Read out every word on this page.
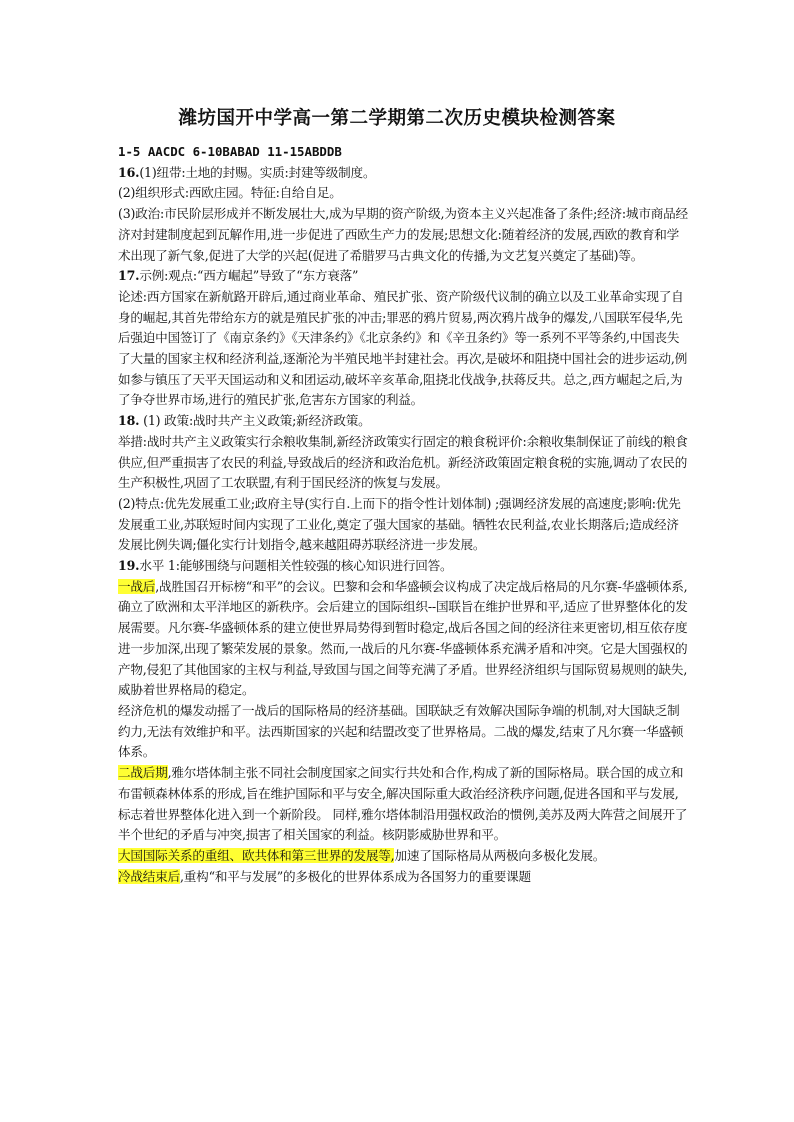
潍坊国开中学高一第二学期第二次历史模块检测答案

1-5 AACDC 6-10BABAD 11-15ABDDB

16.(1)纽带:土地的封赐。实质:封建等级制度。

(2)组织形式:西欧庄园。特征:自给自足。

(3)政治:市民阶层形成并不断发展壮大,成为早期的资产阶级,为资本主义兴起准备了条件;经济:城市商品经济对封建制度起到瓦解作用,进一步促进了西欧生产力的发展;思想文化:随着经济的发展,西欧的教育和学术出现了新气象,促进了大学的兴起(促进了希腊罗马古典文化的传播,为文艺复兴奠定了基础)等。

17.示例:观点:“西方崛起”导致了“东方衰落”

论述:西方国家在新航路开辟后,通过商业革命、殖民扩张、资产阶级代议制的确立以及工业革命实现了自身的崛起,其首先带给东方的就是殖民扩张的冲击;罪恶的鸦片贸易,两次鸦片战争的爆发,八国联军侵华,先后强迫中国签订了《南京条约》《天津条约》《北京条约》和《辛丑条约》等一系列不平等条约,中国丧失了大量的国家主权和经济利益,逐渐沦为半殖民地半封建社会。再次,是破坏和阻挠中国社会的进步运动,例如参与镇压了天平天国运动和义和团运动,破坏辛亥革命,阻挠北伐战争,扶蒋反共。总之,西方崛起之后,为了争夺世界市场,进行的殖民扩张,危害东方国家的利益。

18. (1) 政策:战时共产主义政策;新经济政策。

举措:战时共产主义政策实行余粮收集制,新经济政策实行固定的粮食税评价:余粮收集制保证了前线的粮食供应,但严重损害了农民的利益,导致战后的经济和政治危机。新经济政策固定粮食税的实施,调动了农民的生产积极性,巩固了工农联盟,有利于国民经济的恢复与发展。

(2)特点:优先发展重工业;政府主导(实行自.上而下的指令性计划体制) ;强调经济发展的高速度;影响:优先发展重工业,苏联短时间内实现了工业化,奠定了强大国家的基础。牺牲农民利益,农业长期落后;造成经济发展比例失调;僵化实行计划指令,越来越阻碍苏联经济进一步发展。

19.水平 1:能够围绕与问题相关性较强的核心知识进行回答。

一战后,战胜国召开标榜“和平”的会议。巴黎和会和华盛顿会议构成了决定战后格局的凡尔赛-华盛顿体系,确立了欧洲和太平洋地区的新秩序。会后建立的国际组织--国联旨在维护世界和平,适应了世界整体化的发展需要。凡尔赛-华盛顿体系的建立使世界局势得到暂时稳定,战后各国之间的经济往来更密切,相互依存度进一步加深,出现了繁荣发展的景象。然而,一战后的凡尔赛-华盛顿体系充满矛盾和冲突。它是大国强权的产物,侵犯了其他国家的主权与利益,导致国与国之间等充满了矛盾。世界经济组织与国际贸易规则的缺失,威胁着世界格局的稳定。

经济危机的爆发动摇了一战后的国际格局的经济基础。国联缺乏有效解决国际争端的机制,对大国缺乏制约力,无法有效维护和平。法西斯国家的兴起和结盟改变了世界格局。二战的爆发,结束了凡尔赛一华盛顿体系。

二战后期,雅尔塔体制主张不同社会制度国家之间实行共处和合作,构成了新的国际格局。联合国的成立和布雷顿森林体系的形成,旨在维护国际和平与安全,解决国际重大政治经济秩序问题,促进各国和平与发展,标志着世界整体化进入到一个新阶段。 同样,雅尔塔体制沿用强权政治的惯例,美苏及两大阵营之间展开了半个世纪的矛盾与冲突,损害了相关国家的利益。核阴影威胁世界和平。

大国国际关系的重组、欧共体和第三世界的发展等,加速了国际格局从两极向多极化发展。

冷战结束后,重构“和平与发展”的多极化的世界体系成为各国努力的重要课题
